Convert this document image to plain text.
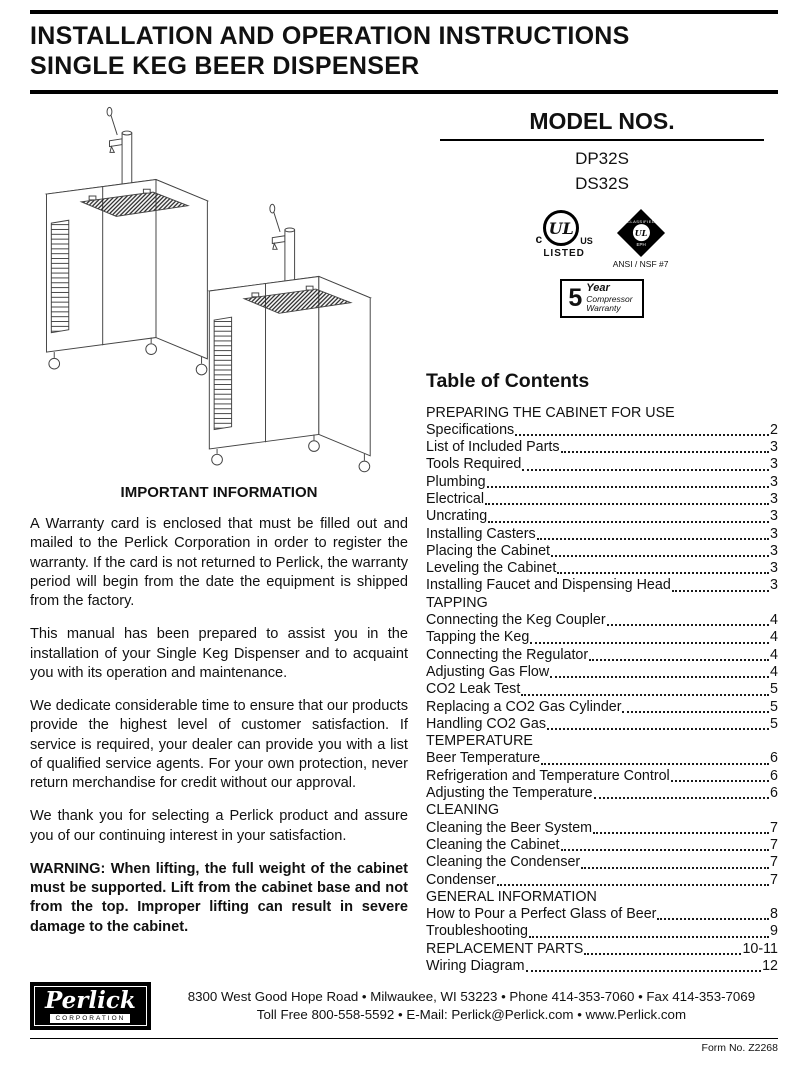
INSTALLATION AND OPERATION INSTRUCTIONS
SINGLE KEG BEER DISPENSER
IMPORTANT INFORMATION

A Warranty card is enclosed that must be filled out and mailed to the Perlick Corporation in order to register the warranty. If the card is not returned to Perlick, the warranty period will begin from the date the equipment is shipped from the factory.

This manual has been prepared to assist you in the installation of your Single Keg Dispenser and to acquaint you with its operation and maintenance.

We dedicate considerable time to ensure that our products provide the highest level of customer satisfaction. If service is required, your dealer can provide you with a list of qualified service agents. For your own protection, never return merchandise for credit without our approval.

We thank you for selecting a Perlick product and assure you of our continuing interest in your satisfaction.

WARNING: When lifting, the full weight of the cabinet must be supported. Lift from the cabinet base and not from the top. Improper lifting can result in severe damage to the cabinet.

MODEL NOS.
DP32S
DS32S
c
UL
US
LISTED
CLASSIFIED
UL
EPH
ANSI / NSF #7
5 Year
Compressor
Warranty
Table of Contents
PREPARING THE CABINET FOR USE
Specifications	2
List of Included Parts	3
Tools Required	3
Plumbing	3
Electrical	3
Uncrating	3
Installing Casters	3
Placing the Cabinet	3
Leveling the Cabinet	3
Installing Faucet and Dispensing Head	3
TAPPING
Connecting the Keg Coupler	4
Tapping the Keg	4
Connecting the Regulator	4
Adjusting Gas Flow	4
CO2 Leak Test	5
Replacing a CO2 Gas Cylinder	5
Handling CO2 Gas	5
TEMPERATURE
Beer Temperature	6
Refrigeration and Temperature Control	6
Adjusting the Temperature	6
CLEANING
Cleaning the Beer System	7
Cleaning the Cabinet	7
Cleaning the Condenser	7
Condenser	7
GENERAL INFORMATION
How to Pour a Perfect Glass of Beer	8
Troubleshooting	9
REPLACEMENT PARTS	10-11
Wiring Diagram	12
Perlick
CORPORATION
8300 West Good Hope Road • Milwaukee, WI 53223 • Phone 414-353-7060 • Fax 414-353-7069
Toll Free 800-558-5592 • E-Mail: Perlick@Perlick.com • www.Perlick.com
Form No. Z2268
